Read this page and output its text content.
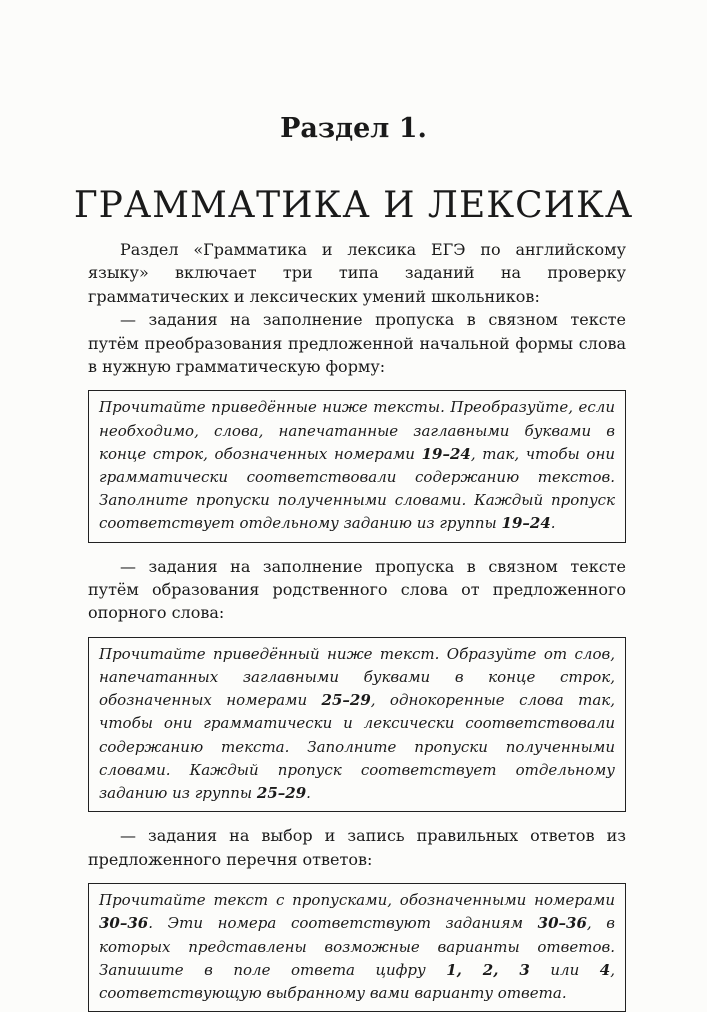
Раздел 1.
ГРАММАТИКА И ЛЕКСИКА

Раздел «Грамматика и лексика ЕГЭ по английскому языку» включает три типа заданий на проверку грамматических и лексических умений школьников:

— задания на заполнение пропуска в связном тексте путём преобразования предложенной начальной формы слова в нужную грамматическую форму:

Прочитайте приведённые ниже тексты. Преобразуйте, если необходимо, слова, напечатанные заглавными буквами в конце строк, обозначенных номерами 19–24, так, чтобы они грамматически соответствовали содержанию текстов. Заполните пропуски полученными словами. Каждый пропуск соответствует отдельному заданию из группы 19–24.

— задания на заполнение пропуска в связном тексте путём образования родственного слова от предложенного опорного слова:

Прочитайте приведённый ниже текст. Образуйте от слов, напечатанных заглавными буквами в конце строк, обозначенных номерами 25–29, однокоренные слова так, чтобы они грамматически и лексически соответствовали содержанию текста. Заполните пропуски полученными словами. Каждый пропуск соответствует отдельному заданию из группы 25–29.

— задания на выбор и запись правильных ответов из предложенного перечня ответов:

Прочитайте текст с пропусками, обозначенными номерами 30–36. Эти номера соответствуют заданиям 30–36, в которых представлены возможные варианты ответов. Запишите в поле ответа цифру 1, 2, 3 или 4, соответствующую выбранному вами варианту ответа.
